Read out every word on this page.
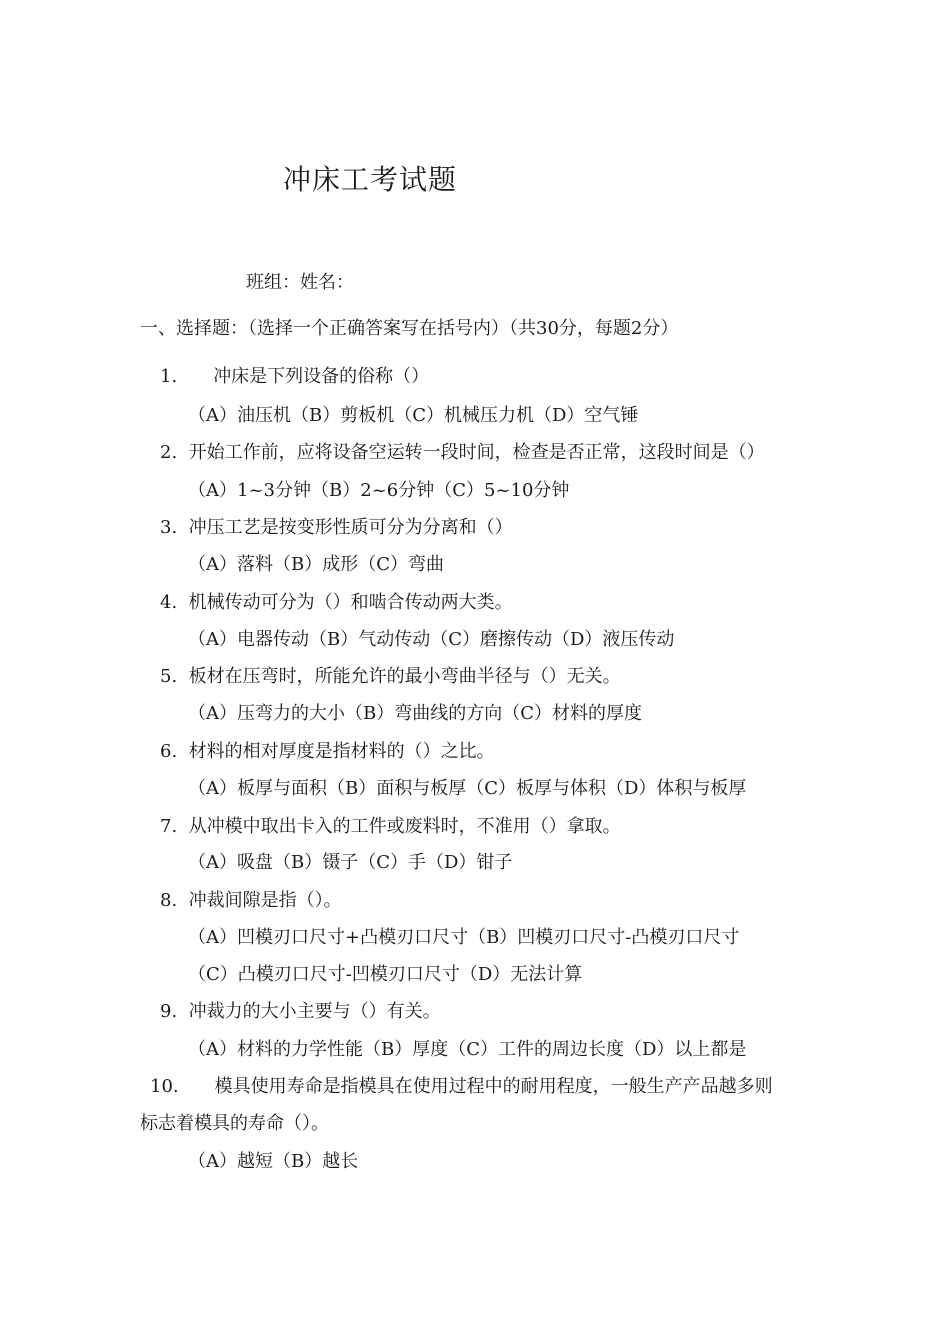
冲床工考试题
班组：姓名：
一、选择题：（选择一个正确答案写在括号内）（共30分，每题2分）
1. 冲床是下列设备的俗称（）
（A）油压机（B）剪板机（C）机械压力机（D）空气锤
2. 开始工作前，应将设备空运转一段时间，检查是否正常，这段时间是（）
（A）1~3分钟（B）2~6分钟（C）5~10分钟
3. 冲压工艺是按变形性质可分为分离和（）
（A）落料（B）成形（C）弯曲
4. 机械传动可分为（）和啮合传动两大类。
（A）电器传动（B）气动传动（C）磨擦传动（D）液压传动
5. 板材在压弯时，所能允许的最小弯曲半径与（）无关。
（A）压弯力的大小（B）弯曲线的方向（C）材料的厚度
6. 材料的相对厚度是指材料的（）之比。
（A）板厚与面积（B）面积与板厚（C）板厚与体积（D）体积与板厚
7. 从冲模中取出卡入的工件或废料时，不准用（）拿取。
（A）吸盘（B）镊子（C）手（D）钳子
8. 冲裁间隙是指（）。
（A）凹模刃口尺寸+凸模刃口尺寸（B）凹模刃口尺寸-凸模刃口尺寸
（C）凸模刃口尺寸-凹模刃口尺寸（D）无法计算
9. 冲裁力的大小主要与（）有关。
（A）材料的力学性能（B）厚度（C）工件的周边长度（D）以上都是
10. 模具使用寿命是指模具在使用过程中的耐用程度，一般生产产品越多则
标志着模具的寿命（）。
（A）越短（B）越长
